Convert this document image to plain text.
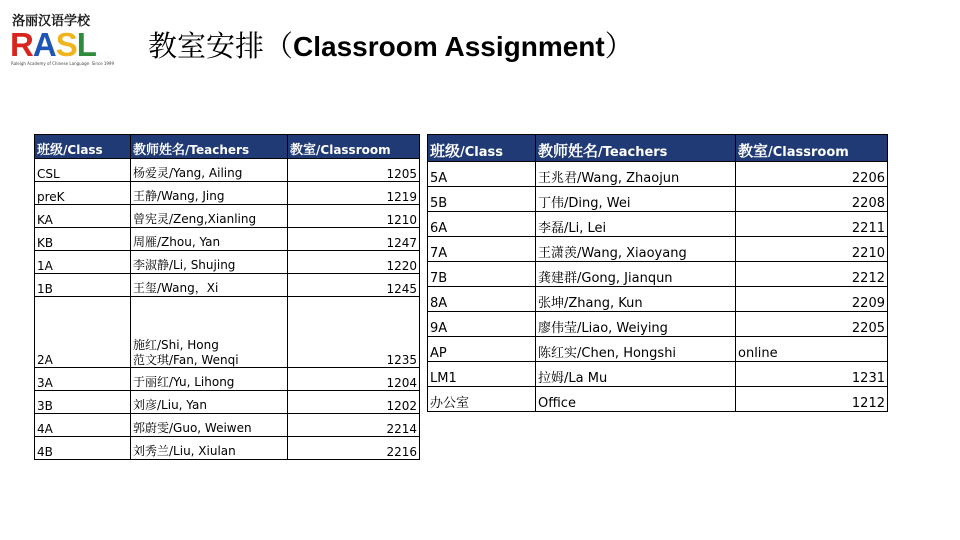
洛丽汉语学校
RASL
Raleigh Academy of Chinese Language Since 1999
教室安排（Classroom Assignment）
班级/Class	教师姓名/Teachers	教室/Classroom
CSL	杨爱灵/Yang, Ailing	1205
preK	王静/Wang, Jing	1219
KA	曾宪灵/Zeng,Xianling	1210
KB	周雁/Zhou, Yan	1247
1A	李淑静/Li, Shujing	1220
1B	王玺/Wang，Xi	1245
2A	施红/Shi, Hong
范文琪/Fan, Wenqi	1235
3A	于丽红/Yu, Lihong	1204
3B	刘彦/Liu, Yan	1202
4A	郭蔚雯/Guo, Weiwen	2214
4B	刘秀兰/Liu, Xiulan	2216
班级/Class	教师姓名/Teachers	教室/Classroom
5A	王兆君/Wang, Zhaojun	2206
5B	丁伟/Ding, Wei	2208
6A	李磊/Li, Lei	2211
7A	王潇羡/Wang, Xiaoyang	2210
7B	龚建群/Gong, Jianqun	2212
8A	张坤/Zhang, Kun	2209
9A	廖伟莹/Liao, Weiying	2205
AP	陈红实/Chen, Hongshi	online
LM1	拉姆/La Mu	1231
办公室	Office	1212
